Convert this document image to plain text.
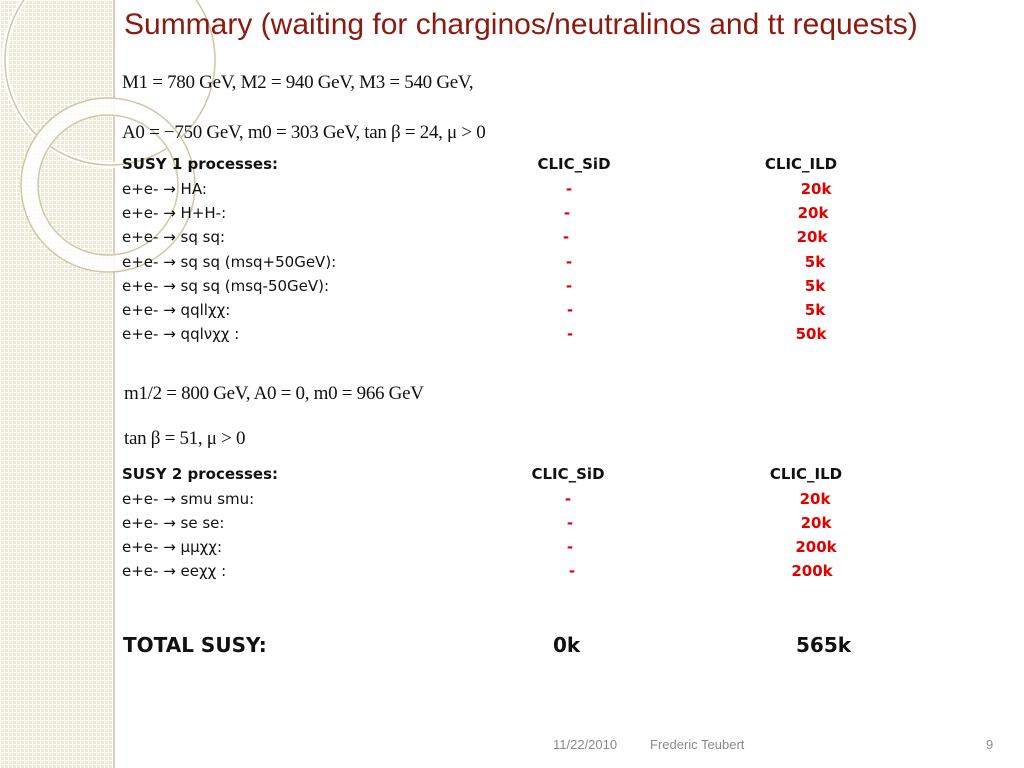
Summary (waiting for charginos/neutralinos and tt requests)
M1 = 780 GeV, M2 = 940 GeV, M3 = 540 GeV,
A0 = −750 GeV, m0 = 303 GeV, tan β = 24, μ > 0
SUSY 1 processes:	CLIC_SiD	CLIC_ILD
e+e- → HA:	-	20k
e+e- → H+H-:	-	20k
e+e- → sq sq:	-	20k
e+e- → sq sq (msq+50GeV):	-	5k
e+e- → sq sq (msq-50GeV):	-	5k
e+e- → qqllχχ:	-	5k
e+e- → qqlνχχ :	-	50k
m1/2 = 800 GeV, A0 = 0, m0 = 966 GeV
tan β = 51, μ > 0
SUSY 2 processes:	CLIC_SiD	CLIC_ILD
e+e- → smu smu:	-	20k
e+e- → se se:	-	20k
e+e- → μμχχ:	-	200k
e+e- → eeχχ :	-	200k
TOTAL SUSY:	0k	565k
11/22/2010	Frederic Teubert	9
